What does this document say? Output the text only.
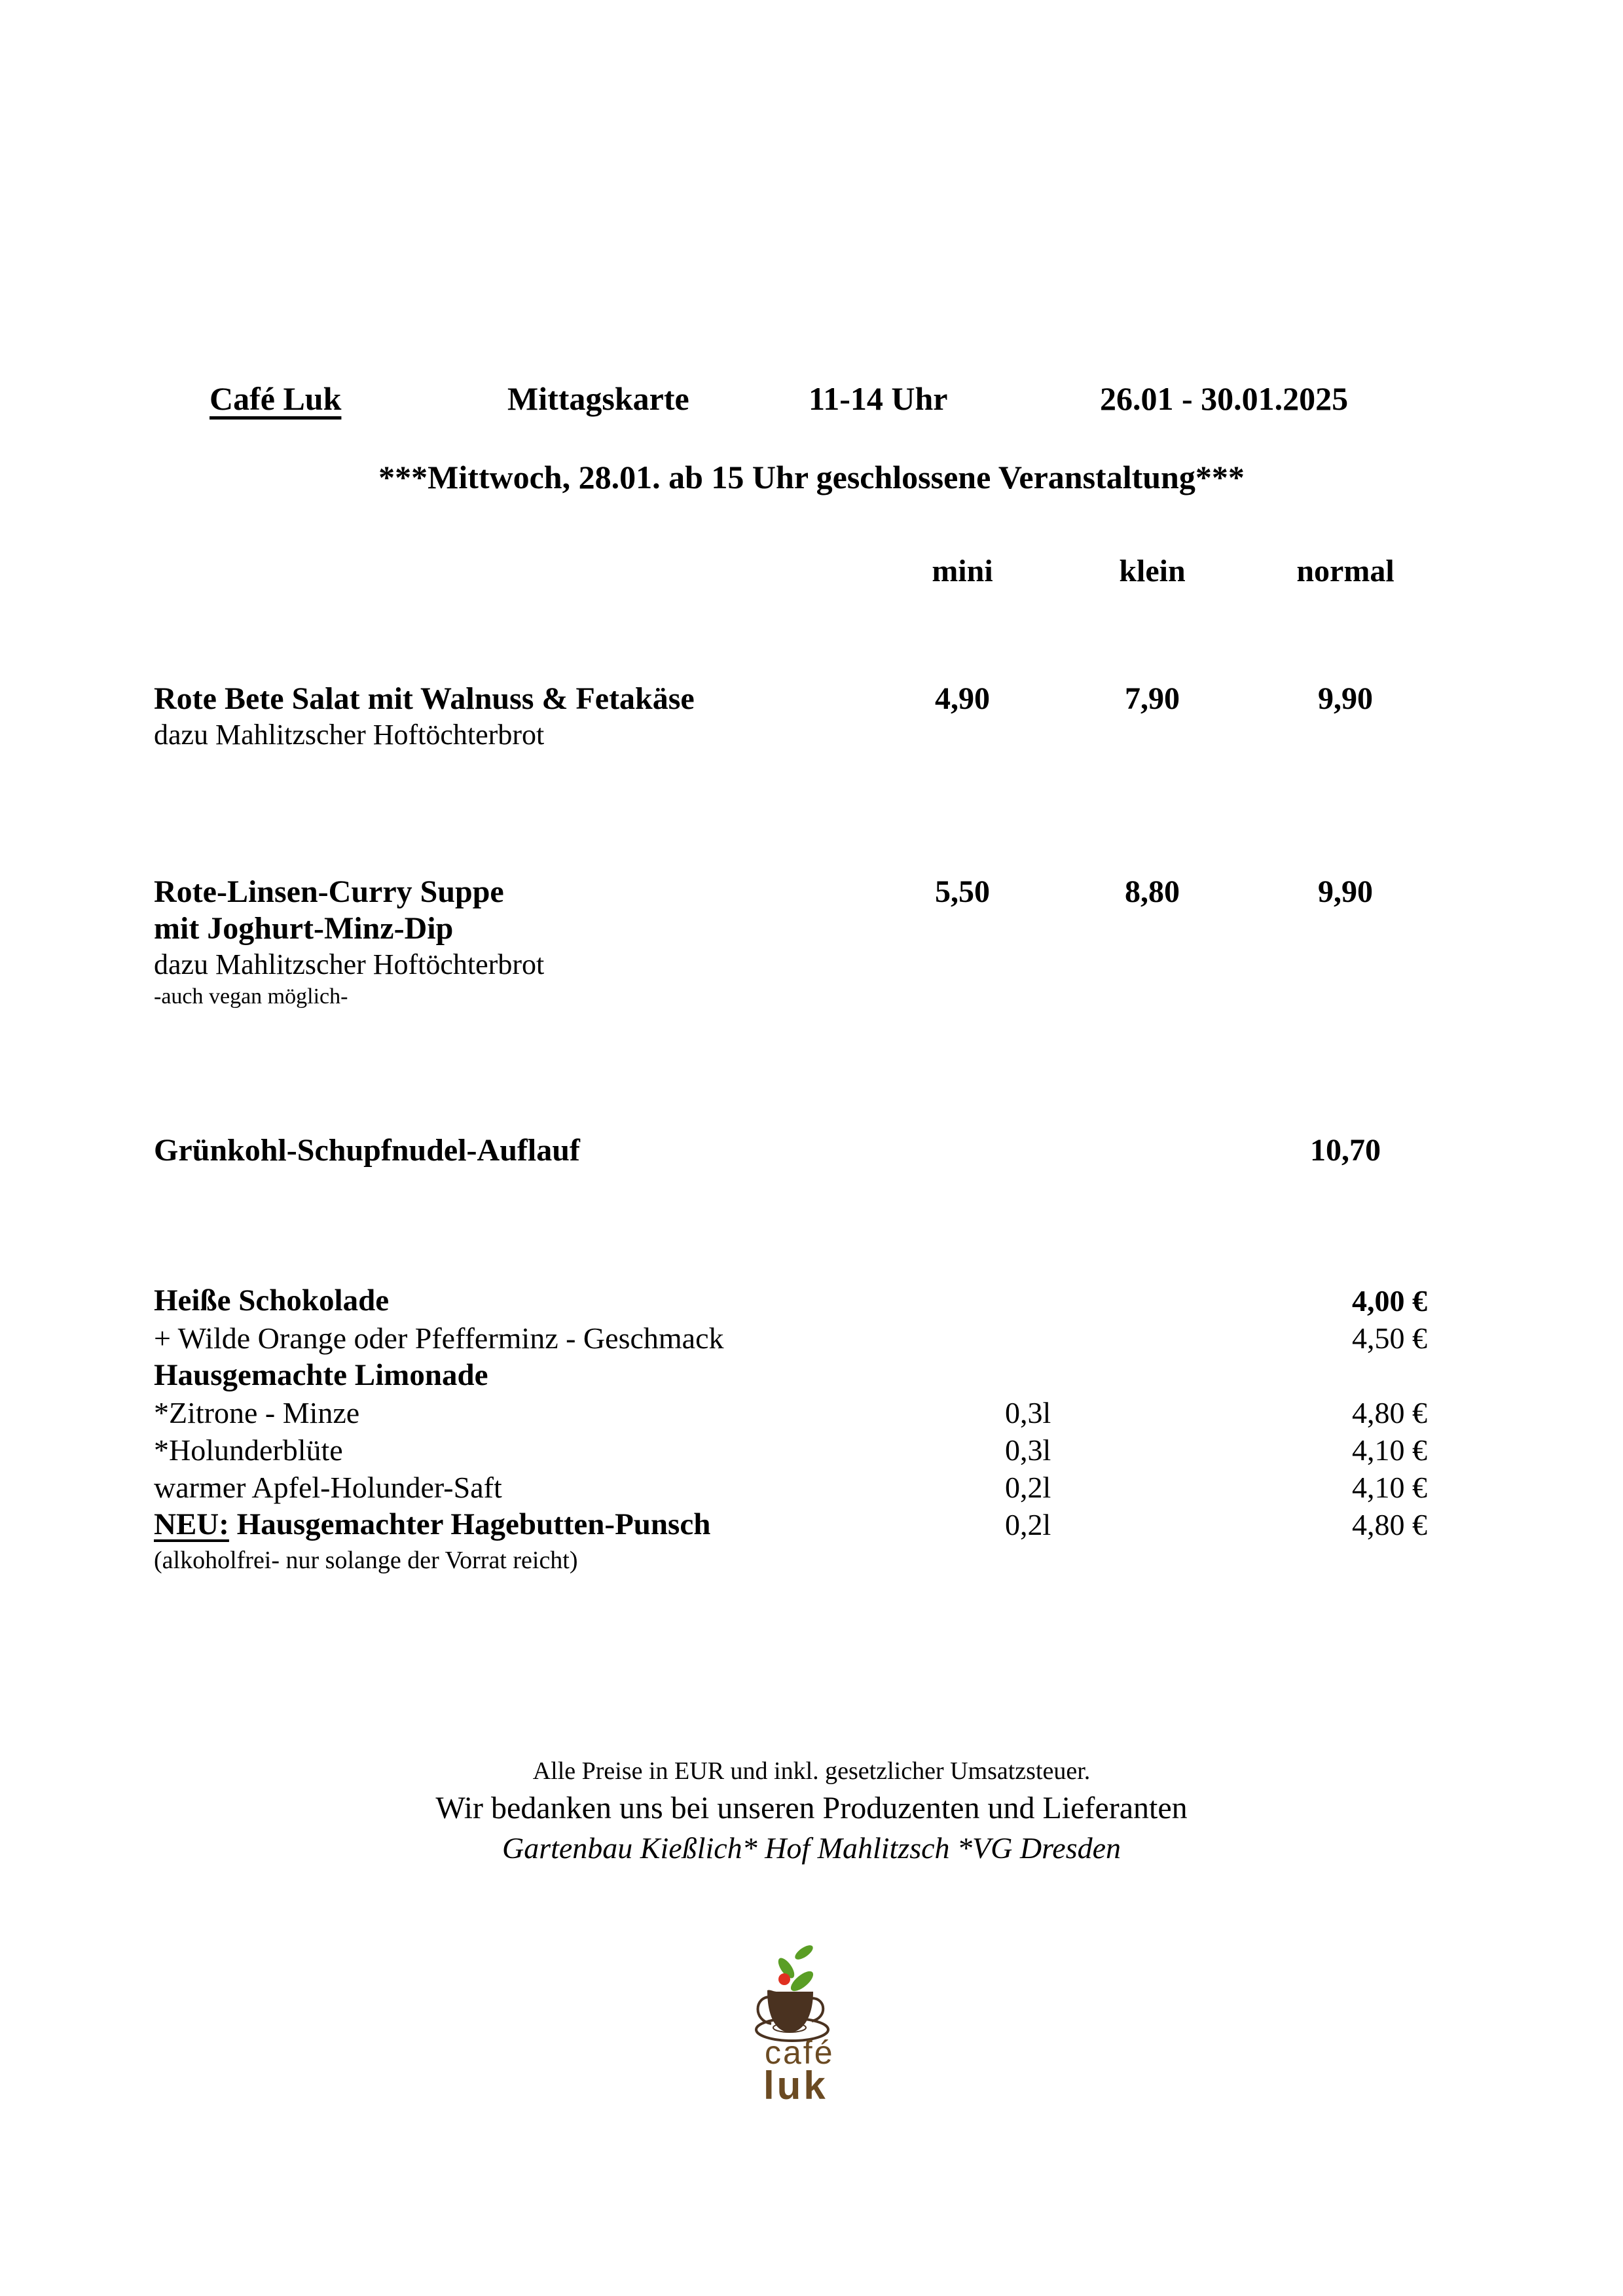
Café Luk	Mittagskarte	11-14 Uhr	26.01 - 30.01.2025
***Mittwoch, 28.01. ab 15 Uhr geschlossene Veranstaltung***
mini	klein	normal
Rote Bete Salat mit Walnuss & Fetakäse
dazu Mahlitzscher Hoftöchterbrot
4,90	7,90	9,90
Rote-Linsen-Curry Suppe
mit Joghurt-Minz-Dip
dazu Mahlitzscher Hoftöchterbrot
-auch vegan möglich-
5,50	8,80	9,90
Grünkohl-Schupfnudel-Auflauf	10,70
Heiße Schokolade	4,00 €
+ Wilde Orange oder Pfefferminz - Geschmack	4,50 €
Hausgemachte Limonade
*Zitrone - Minze	0,3l	4,80 €
*Holunderblüte	0,3l	4,10 €
warmer Apfel-Holunder-Saft	0,2l	4,10 €
NEU: Hausgemachter Hagebutten-Punsch	0,2l	4,80 €
(alkoholfrei- nur solange der Vorrat reicht)
Alle Preise in EUR und inkl. gesetzlicher Umsatzsteuer.
Wir bedanken uns bei unseren Produzenten und Lieferanten
Gartenbau Kießlich* Hof Mahlitzsch *VG Dresden
café
luk
